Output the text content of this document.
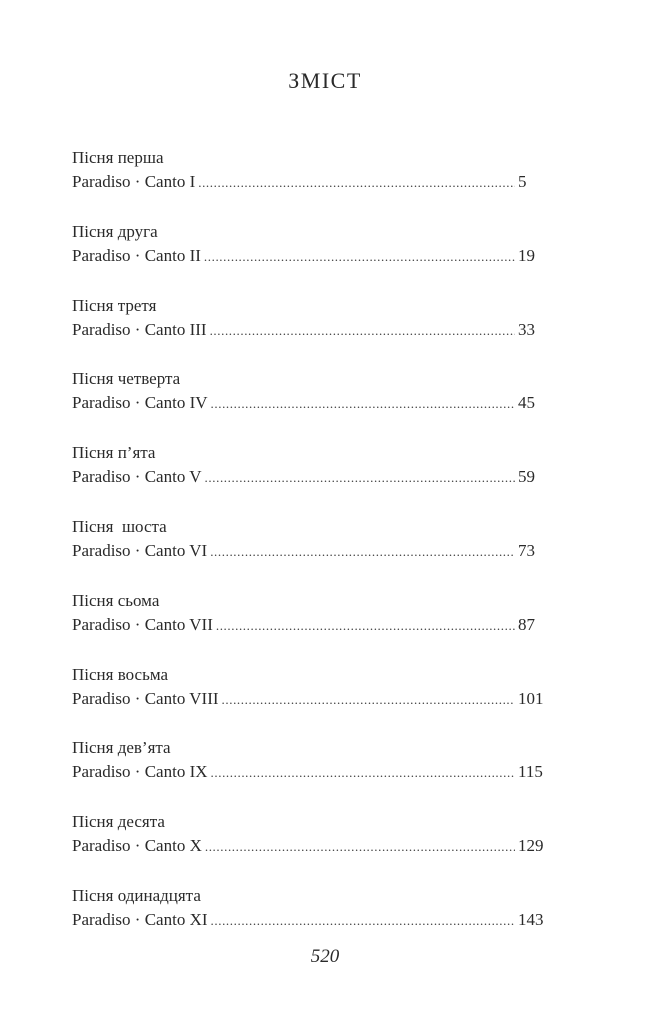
ЗМІСТ
Пісня перша
Paradiso · Canto I .....	5
Пісня друга
Paradiso · Canto II .....	19
Пісня третя
Paradiso · Canto III .....	33
Пісня четверта
Paradiso · Canto IV .....	45
Пісня п’ята
Paradiso · Canto V .....	59
Пісня  шоста
Paradiso · Canto VI .....	73
Пісня сьома
Paradiso · Canto VII .....	87
Пісня восьма
Paradiso · Canto VIII .....	101
Пісня дев’ята
Paradiso · Canto IX .....	115
Пісня десята
Paradiso · Canto X .....	129
Пісня одинадцята
Paradiso · Canto XI .....	143
520
